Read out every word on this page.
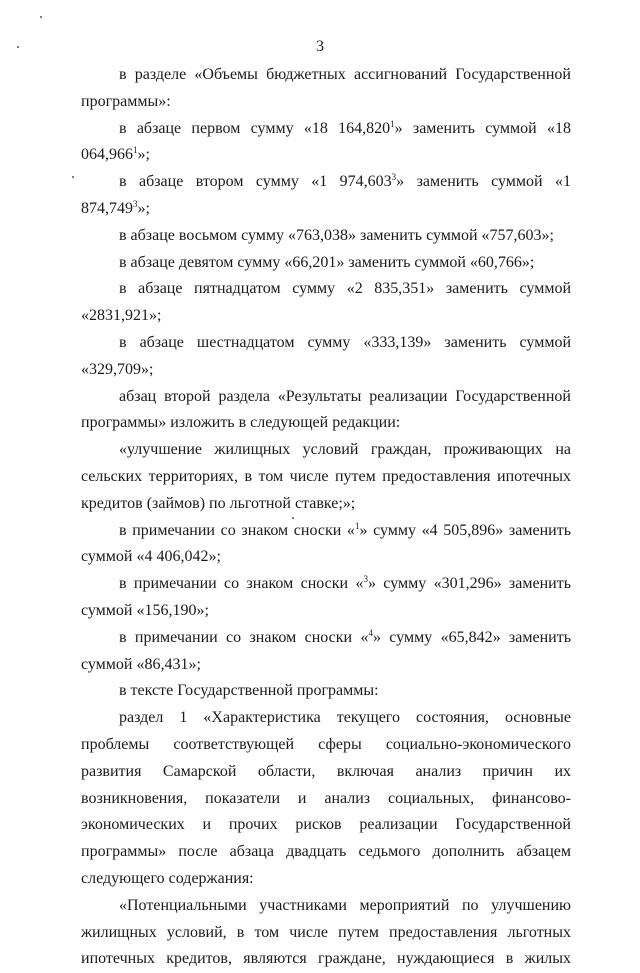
3

в разделе «Объемы бюджетных ассигнований Государственной программы»:

в абзаце первом сумму «18 164,820$^1$» заменить суммой «18 064,966$^1$»;

в абзаце втором сумму «1 974,603$^3$» заменить суммой «1 874,749$^3$»;

в абзаце восьмом сумму «763,038» заменить суммой «757,603»;

в абзаце девятом сумму «66,201» заменить суммой «60,766»;

в абзаце пятнадцатом сумму «2 835,351» заменить суммой «2831,921»;

в абзаце шестнадцатом сумму «333,139» заменить суммой «329,709»;

абзац второй раздела «Результаты реализации Государственной программы» изложить в следующей редакции:

«улучшение жилищных условий граждан, проживающих на сельских территориях, в том числе путем предоставления ипотечных кредитов (займов) по льготной ставке;»;

в примечании со знаком сноски «$^1$» сумму «4 505,896» заменить суммой «4 406,042»;

в примечании со знаком сноски «$^3$» сумму «301,296» заменить суммой «156,190»;

в примечании со знаком сноски «$^4$» сумму «65,842» заменить суммой «86,431»;

в тексте Государственной программы:

раздел 1 «Характеристика текущего состояния, основные проблемы соответствующей сферы социально-экономического развития Самарской области, включая анализ причин их возникновения, показатели и анализ социальных, финансово-экономических и прочих рисков реализации Государственной программы» после абзаца двадцать седьмого дополнить абзацем следующего содержания:

«Потенциальными участниками мероприятий по улучшению жилищных условий, в том числе путем предоставления льготных ипотечных кредитов, являются граждане, нуждающиеся в жилых
